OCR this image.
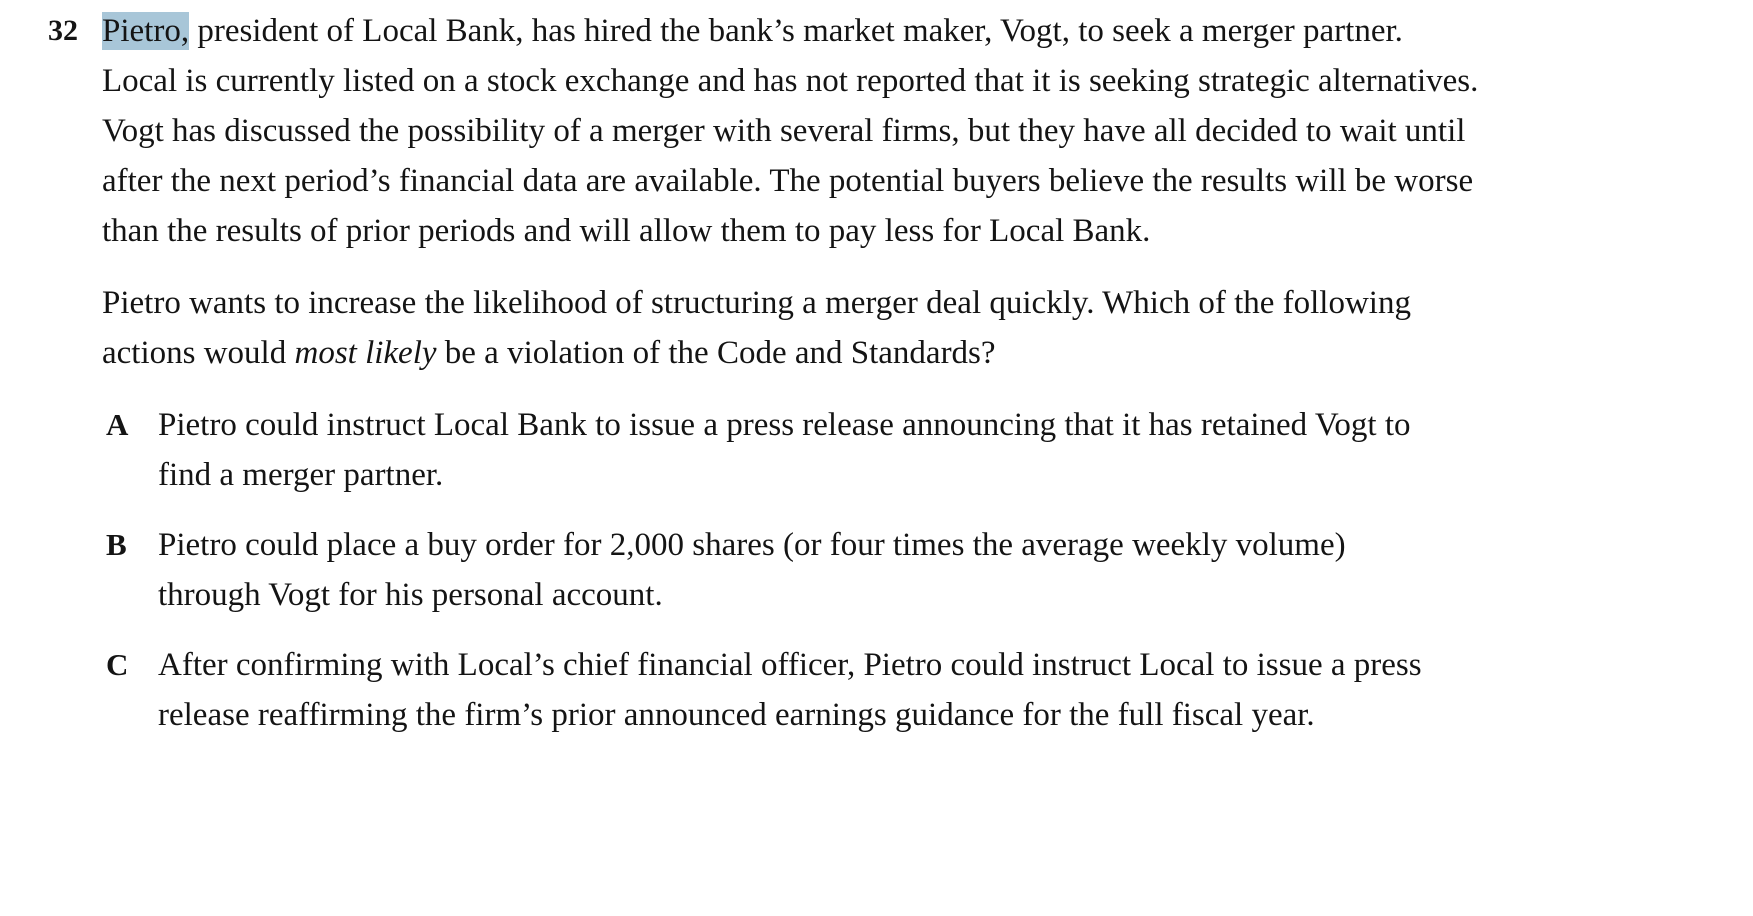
32 Pietro, president of Local Bank, has hired the bank’s market maker, Vogt, to seek a merger partner. Local is currently listed on a stock exchange and has not reported that it is seeking strategic alternatives. Vogt has discussed the possibility of a merger with several firms, but they have all decided to wait until after the next period’s financial data are available. The potential buyers believe the results will be worse than the results of prior periods and will allow them to pay less for Local Bank.

Pietro wants to increase the likelihood of structuring a merger deal quickly. Which of the following actions would most likely be a violation of the Code and Standards?

A Pietro could instruct Local Bank to issue a press release announcing that it has retained Vogt to find a merger partner.
B Pietro could place a buy order for 2,000 shares (or four times the average weekly volume) through Vogt for his personal account.
C After confirming with Local’s chief financial officer, Pietro could instruct Local to issue a press release reaffirming the firm’s prior announced earnings guidance for the full fiscal year.
